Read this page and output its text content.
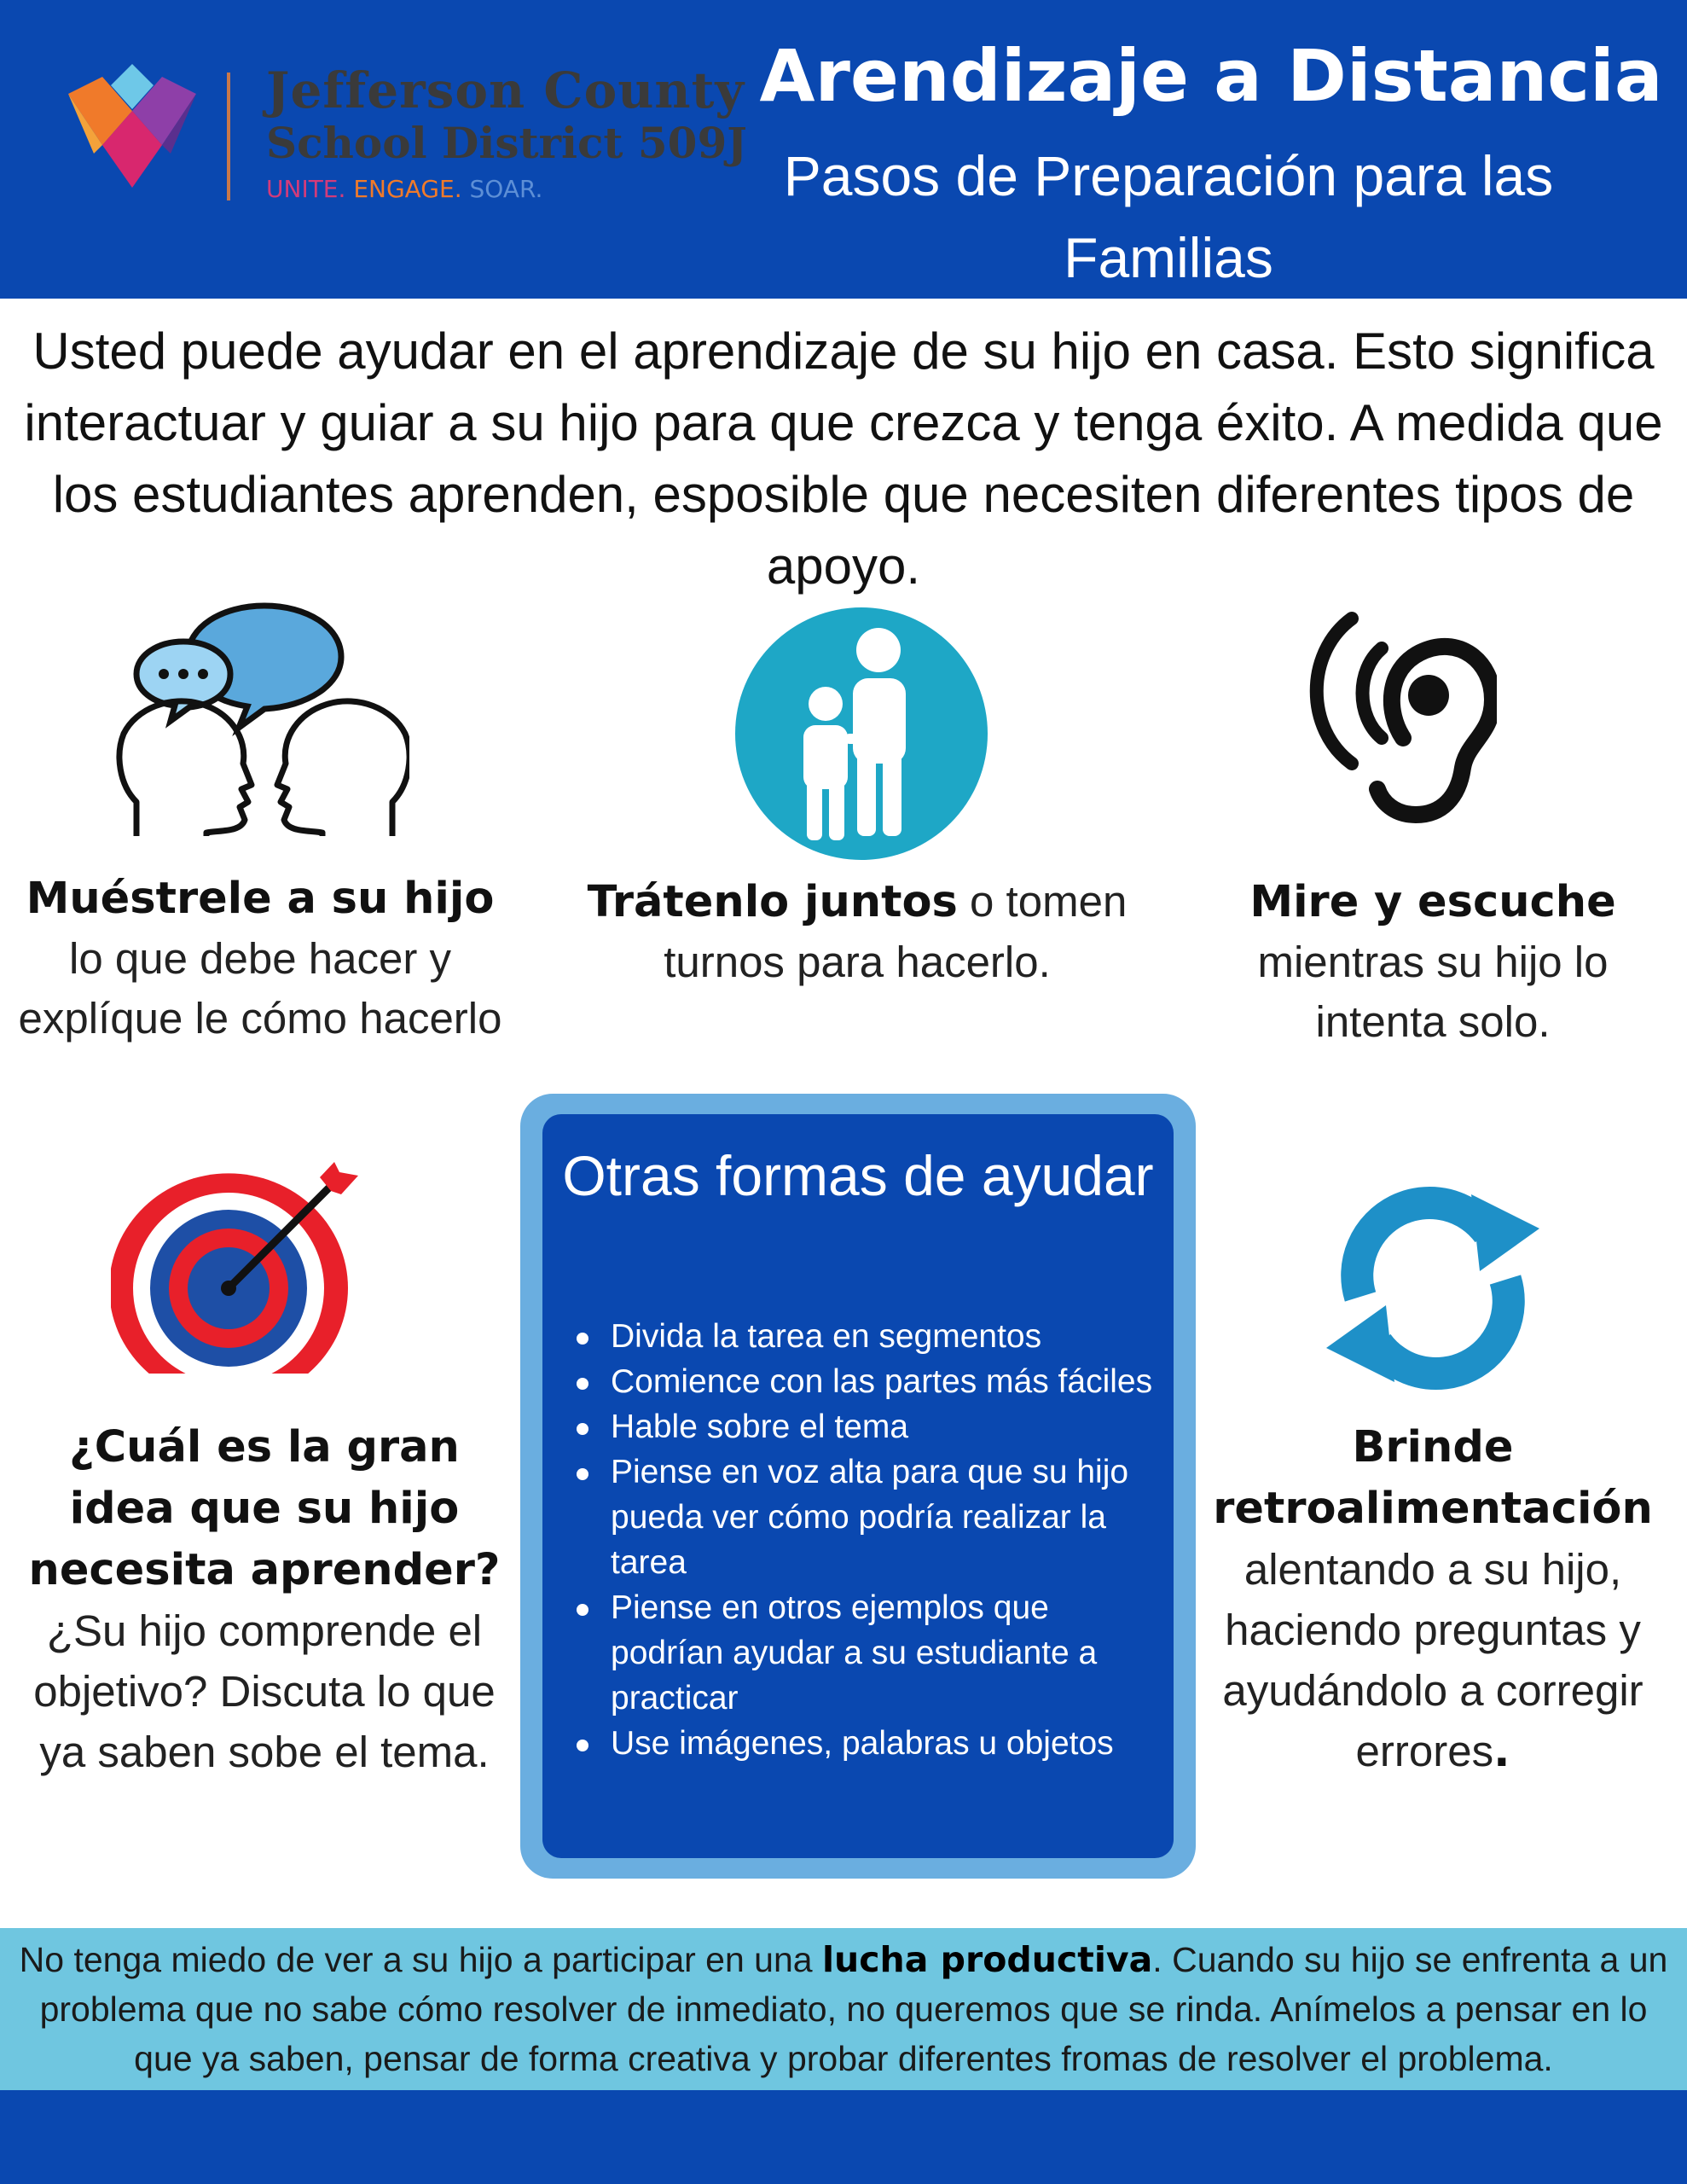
Jefferson County
School District 509J
UNITE. ENGAGE. SOAR.
Arendizaje a Distancia
Pasos de Preparación para las Familias
Usted puede ayudar en el aprendizaje de su hijo en casa. Esto significa interactuar y guiar a su hijo para que crezca y tenga éxito. A medida que los estudiantes aprenden, esposible que necesiten diferentes tipos de apoyo.
Muéstrele a su hijo
lo que debe hacer y explíque le cómo hacerlo
Trátenlo juntos o tomen turnos para hacerlo.
Mire y escuche
mientras su hijo lo intenta solo.
¿Cuál es la gran idea que su hijo necesita aprender? ¿Su hijo comprende el objetivo? Discuta lo que ya saben sobe el tema.
Brinde retroalimentación
alentando a su hijo, haciendo preguntas y ayudándolo a corregir errores.
Otras formas de ayudar
Divida la tarea en segmentos
Comience con las partes más fáciles
Hable sobre el tema
Piense en voz alta para que su hijo pueda ver cómo podría realizar la tarea
Piense en otros ejemplos que podrían ayudar a su estudiante a practicar
Use imágenes, palabras u objetos
No tenga miedo de ver a su hijo a participar en una lucha productiva. Cuando su hijo se enfrenta a un problema que no sabe cómo resolver de inmediato, no queremos que se rinda. Anímelos a pensar en lo que ya saben, pensar de forma creativa y probar diferentes fromas de resolver el problema.
